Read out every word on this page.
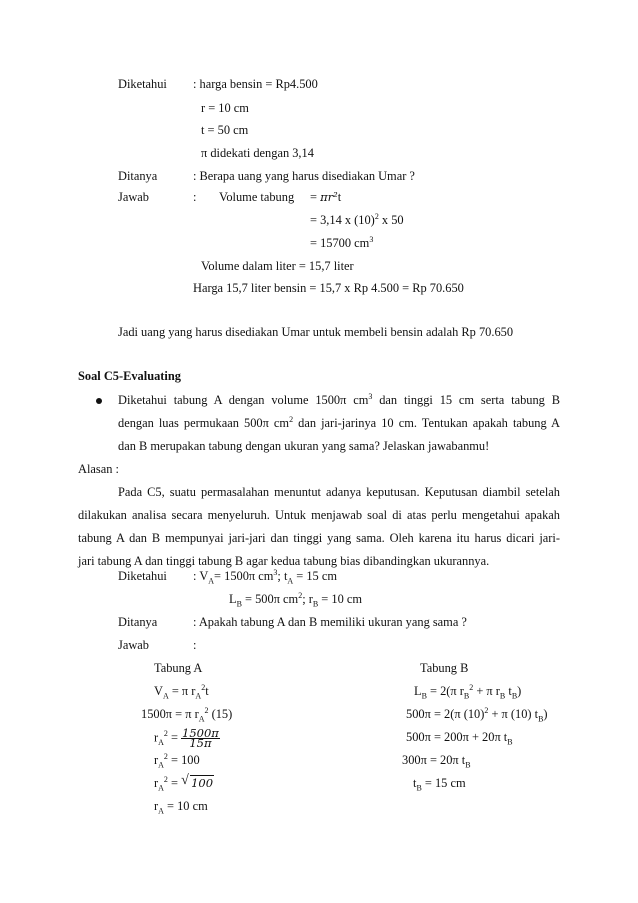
Diketahui : harga bensin = Rp4.500
r = 10 cm
t = 50 cm
π didekati dengan 3,14
Ditanya	: Berapa uang yang harus disediakan Umar ?
Jawab	: Volume tabung = πr²t
= 3,14 x $(10)^2$ x 50
= 15700 $cm^3$
Volume dalam liter = 15,7 liter
Harga 15,7 liter bensin = 15,7 x Rp 4.500 = Rp 70.650
Jadi uang yang harus disediakan Umar untuk membeli bensin adalah Rp 70.650
Soal C5-Evaluating
Diketahui tabung A dengan volume 1500π $cm^3$ dan tinggi 15 cm serta tabung B
dengan luas permukaan 500π $cm^2$ dan jari-jarinya 10 cm. Tentukan apakah tabung A
dan B merupakan tabung dengan ukuran yang sama? Jelaskan jawabanmu!
Alasan :
Pada C5, suatu permasalahan menuntut adanya keputusan. Keputusan diambil setelah
dilakukan analisa secara menyeluruh. Untuk menjawab soal di atas perlu mengetahui apakah
tabung A dan B mempunyai jari-jari dan tinggi yang sama. Oleh karena itu harus dicari jari-
jari tabung A dan tinggi tabung B agar kedua tabung bias dibandingkan ukurannya.
Diketahui : $V_A= 1500\pi$ $cm^3$; $t_A = 15$ cm
$L_B = 500\pi$ $cm^2$; $r_B = 10$ cm
Ditanya	: Apakah tabung A dan B memiliki ukuran yang sama ?
Jawab	:
Tabung A
$V_A = \pi$ $r_A^2t$
1500π = π $r_A^2$ (15)
$r_A^2 = \frac{1500\pi}{15\pi}$
$r_A^2 = 100$
$r_A^2$ = √ 100
$r_A = 10$ cm
Tabung B
$L_B = 2(\pi$ $r_B^2 + \pi$ $r_B$ $t_B$)
500π = 2(π $(10)^2 + \pi$ (10) $t_B$)
500π = 200π + 20π $t_B$
300π = 20π $t_B$
$t_B = 15$ cm
